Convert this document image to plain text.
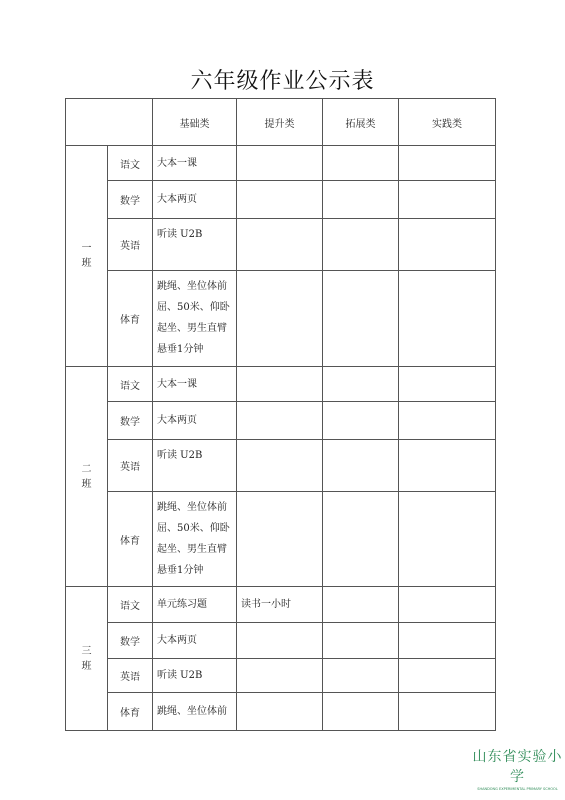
六年级作业公示表
		基础类	提升类	拓展类	实践类

一
班	语文	大本一课			
	数学	大本两页			
	英语	听读 U2B			
	体育	跳绳、坐位体前屈、50米、仰卧起坐、男生直臂悬垂1分钟			

二
班	语文	大本一课			
	数学	大本两页			
	英语	听读 U2B			
	体育	跳绳、坐位体前屈、50米、仰卧起坐、男生直臂悬垂1分钟			

三
班	语文	单元练习题	读书一小时		
	数学	大本两页			
	英语	听读 U2B			
	体育	跳绳、坐位体前			
山东省实验小学
SHANDONG EXPERIMENTAL PRIMARY SCHOOL
